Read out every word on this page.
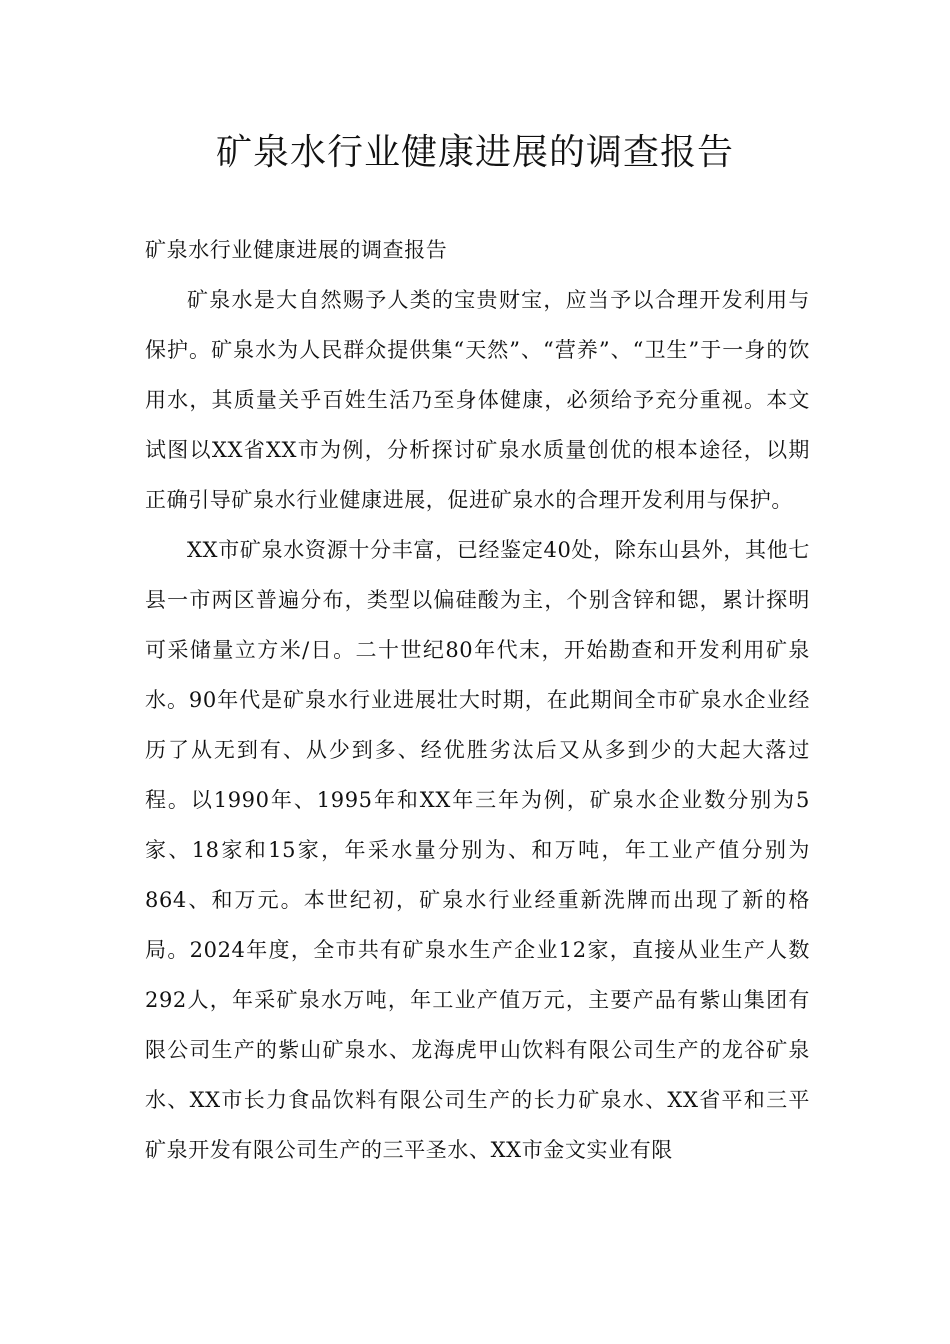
矿泉水行业健康进展的调查报告

矿泉水行业健康进展的调查报告

矿泉水是大自然赐予人类的宝贵财宝，应当予以合理开发利用与保护。矿泉水为人民群众提供集“天然”、“营养”、“卫生”于一身的饮用水，其质量关乎百姓生活乃至身体健康，必须给予充分重视。本文试图以XX省XX市为例，分析探讨矿泉水质量创优的根本途径，以期正确引导矿泉水行业健康进展，促进矿泉水的合理开发利用与保护。

XX市矿泉水资源十分丰富，已经鉴定40处，除东山县外，其他七县一市两区普遍分布，类型以偏硅酸为主，个别含锌和锶，累计探明可采储量立方米/日。二十世纪80年代末，开始勘查和开发利用矿泉水。90年代是矿泉水行业进展壮大时期，在此期间全市矿泉水企业经历了从无到有、从少到多、经优胜劣汰后又从多到少的大起大落过程。以1990年、1995年和XX年三年为例，矿泉水企业数分别为5家、18家和15家，年采水量分别为、和万吨，年工业产值分别为864、和万元。本世纪初，矿泉水行业经重新洗牌而出现了新的格局。2024年度，全市共有矿泉水生产企业12家，直接从业生产人数292人，年采矿泉水万吨，年工业产值万元，主要产品有紫山集团有限公司生产的紫山矿泉水、龙海虎甲山饮料有限公司生产的龙谷矿泉水、XX市长力食品饮料有限公司生产的长力矿泉水、XX省平和三平矿泉开发有限公司生产的三平圣水、XX市金文实业有限
